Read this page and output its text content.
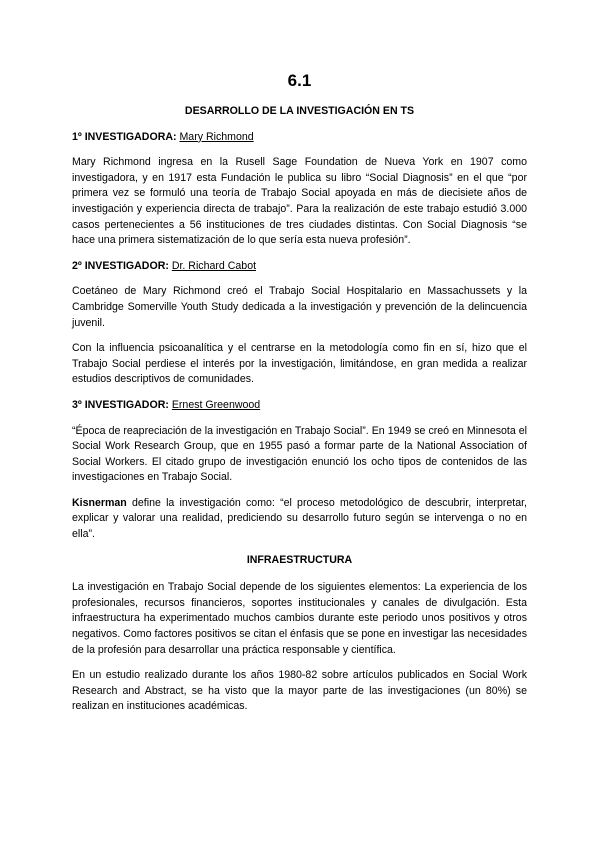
6.1
DESARROLLO DE LA INVESTIGACIÓN EN TS
1º INVESTIGADORA: Mary Richmond

Mary Richmond ingresa en la Rusell Sage Foundation de Nueva York en 1907 como investigadora, y en 1917 esta Fundación le publica su libro “Social Diagnosis” en el que “por primera vez se formuló una teoría de Trabajo Social apoyada en más de diecisiete años de investigación y experiencia directa de trabajo”. Para la realización de este trabajo estudió 3.000 casos pertenecientes a 56 instituciones de tres ciudades distintas. Con Social Diagnosis “se hace una primera sistematización de lo que sería esta nueva profesión”.

2º INVESTIGADOR: Dr. Richard Cabot

Coetáneo de Mary Richmond creó el Trabajo Social Hospitalario en Massachussets y la Cambridge Somerville Youth Study dedicada a la investigación y prevención de la delincuencia juvenil.

Con la influencia psicoanalítica y el centrarse en la metodología como fin en sí, hizo que el Trabajo Social perdiese el interés por la investigación, limitándose, en gran medida a realizar estudios descriptivos de comunidades.

3º INVESTIGADOR: Ernest Greenwood

“Época de reapreciación de la investigación en Trabajo Social”. En 1949 se creó en Minnesota el Social Work Research Group, que en 1955 pasó a formar parte de la National Association of Social Workers. El citado grupo de investigación enunció los ocho tipos de contenidos de las investigaciones en Trabajo Social.

Kisnerman define la investigación como: “el proceso metodológico de descubrir, interpretar, explicar y valorar una realidad, prediciendo su desarrollo futuro según se intervenga o no en ella”.

INFRAESTRUCTURA

La investigación en Trabajo Social depende de los siguientes elementos: La experiencia de los profesionales, recursos financieros, soportes institucionales y canales de divulgación. Esta infraestructura ha experimentado muchos cambios durante este periodo unos positivos y otros negativos. Como factores positivos se citan el énfasis que se pone en investigar las necesidades de la profesión para desarrollar una práctica responsable y científica.

En un estudio realizado durante los años 1980-82 sobre artículos publicados en Social Work Research and Abstract, se ha visto que la mayor parte de las investigaciones (un 80%) se realizan en instituciones académicas.
